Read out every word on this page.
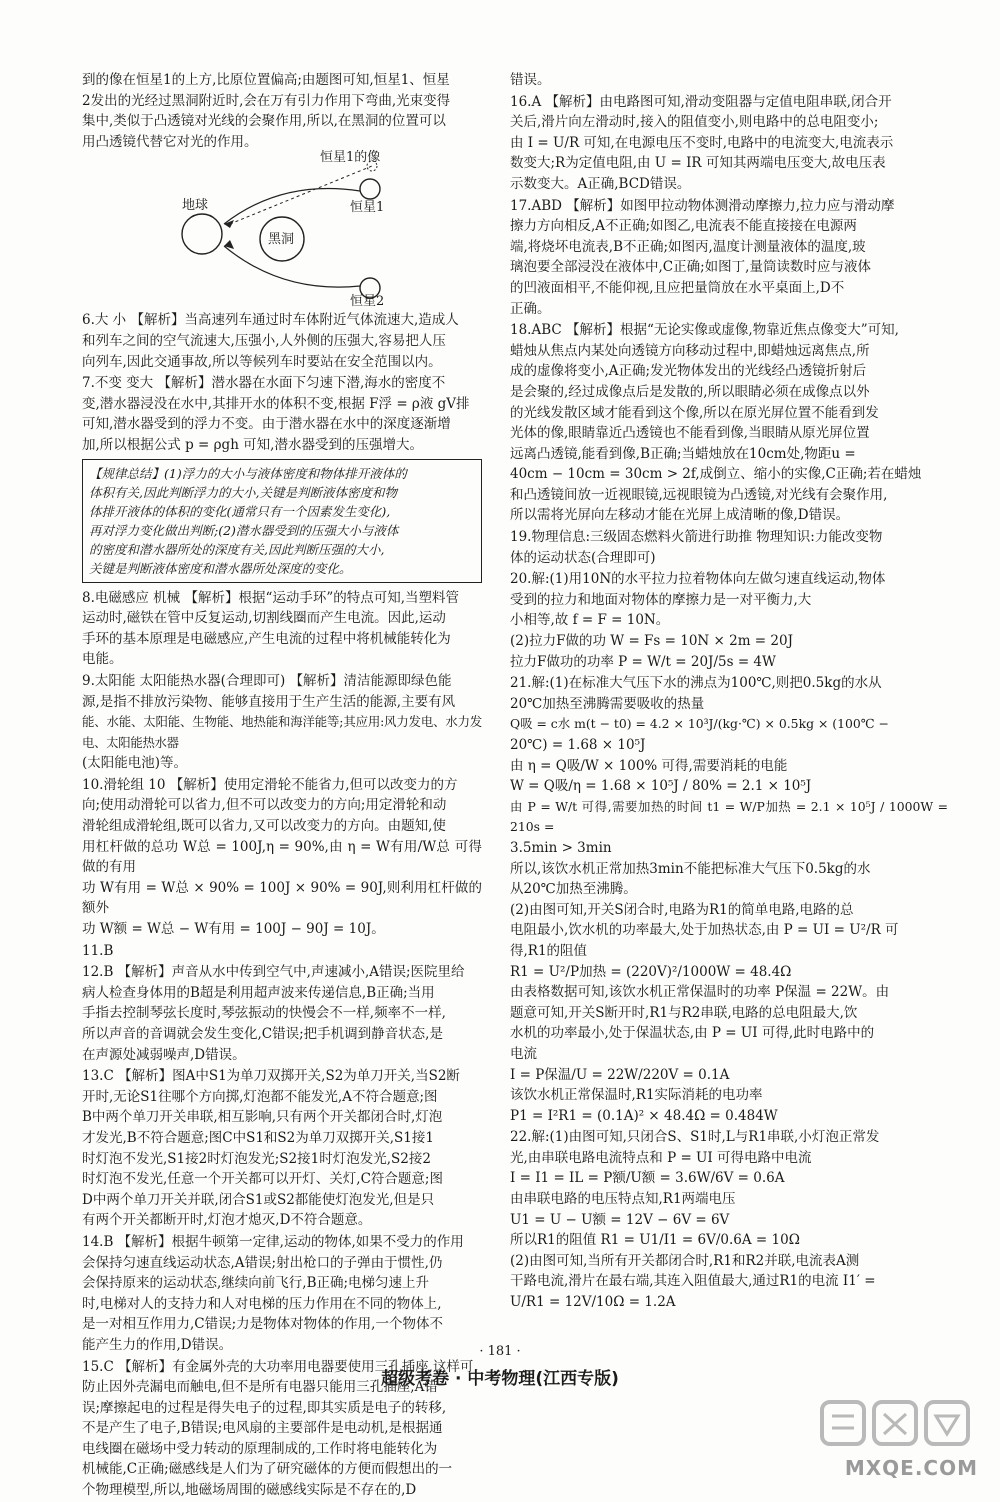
到的像在恒星1的上方,比原位置偏高;由题图可知,恒星1、恒星

2发出的光经过黑洞附近时,会在万有引力作用下弯曲,光束变得

集中,类似于凸透镜对光线的会聚作用,所以,在黑洞的位置可以

用凸透镜代替它对光的作用。

恒星1的像
恒星1
地球
黑洞
恒星2

6.大 小 【解析】当高速列车通过时车体附近气体流速大,造成人

和列车之间的空气流速大,压强小,人外侧的压强大,容易把人压

向列车,因此交通事故,所以等候列车时要站在安全范围以内。

7.不变 变大 【解析】潜水器在水面下匀速下潜,海水的密度不

变,潜水器浸没在水中,其排开水的体积不变,根据 F浮 = ρ液 gV排

可知,潜水器受到的浮力不变。由于潜水器在水中的深度逐渐增

加,所以根据公式 p = ρgh 可知,潜水器受到的压强增大。

【规律总结】(1)浮力的大小与液体密度和物体排开液体的

体积有关,因此判断浮力的大小,关键是判断液体密度和物

体排开液体的体积的变化(通常只有一个因素发生变化),

再对浮力变化做出判断;(2)潜水器受到的压强大小与液体

的密度和潜水器所处的深度有关,因此判断压强的大小,

关键是判断液体密度和潜水器所处深度的变化。

8.电磁感应 机械 【解析】根据“运动手环”的特点可知,当塑料管

运动时,磁铁在管中反复运动,切割线圈而产生电流。因此,运动

手环的基本原理是电磁感应,产生电流的过程中将机械能转化为

电能。

9.太阳能 太阳能热水器(合理即可) 【解析】清洁能源即绿色能

源,是指不排放污染物、能够直接用于生产生活的能源,主要有风

能、水能、太阳能、生物能、地热能和海洋能等;其应用:风力发电、水力发电、太阳能热水器

(太阳能电池)等。

10.滑轮组 10 【解析】使用定滑轮不能省力,但可以改变力的方

向;使用动滑轮可以省力,但不可以改变力的方向;用定滑轮和动

滑轮组成滑轮组,既可以省力,又可以改变力的方向。由题知,使

用杠杆做的总功 W总 = 100J,η = 90%,由 η = W有用/W总 可得做的有用

功 W有用 = W总 × 90% = 100J × 90% = 90J,则利用杠杆做的额外

功 W额 = W总 − W有用 = 100J − 90J = 10J。

11.B

12.B 【解析】声音从水中传到空气中,声速减小,A错误;医院里给

病人检查身体用的B超是利用超声波来传递信息,B正确;当用

手指去控制琴弦长度时,琴弦振动的快慢会不一样,频率不一样,

所以声音的音调就会发生变化,C错误;把手机调到静音状态,是

在声源处减弱噪声,D错误。

13.C 【解析】图A中S1为单刀双掷开关,S2为单刀开关,当S2断

开时,无论S1往哪个方向掷,灯泡都不能发光,A不符合题意;图

B中两个单刀开关串联,相互影响,只有两个开关都闭合时,灯泡

才发光,B不符合题意;图C中S1和S2为单刀双掷开关,S1接1

时灯泡不发光,S1接2时灯泡发光;S2接1时灯泡发光,S2接2

时灯泡不发光,任意一个开关都可以开灯、关灯,C符合题意;图

D中两个单刀开关并联,闭合S1或S2都能使灯泡发光,但是只

有两个开关都断开时,灯泡才熄灭,D不符合题意。

14.B 【解析】根据牛顿第一定律,运动的物体,如果不受力的作用

会保持匀速直线运动状态,A错误;射出枪口的子弹由于惯性,仍

会保持原来的运动状态,继续向前飞行,B正确;电梯匀速上升

时,电梯对人的支持力和人对电梯的压力作用在不同的物体上,

是一对相互作用力,C错误;力是物体对物体的作用,一个物体不

能产生力的作用,D错误。

15.C 【解析】有金属外壳的大功率用电器要使用三孔插座,这样可

防止因外壳漏电而触电,但不是所有电器只能用三孔插座,A错

误;摩擦起电的过程是得失电子的过程,即其实质是电子的转移,

不是产生了电子,B错误;电风扇的主要部件是电动机,是根据通

电线圈在磁场中受力转动的原理制成的,工作时将电能转化为

机械能,C正确;磁感线是人们为了研究磁体的方便而假想出的一

个物理模型,所以,地磁场周围的磁感线实际是不存在的,D

错误。

16.A 【解析】由电路图可知,滑动变阻器与定值电阻串联,闭合开

关后,滑片向左滑动时,接入的阻值变小,则电路中的总电阻变小;

由 I = U/R 可知,在电源电压不变时,电路中的电流变大,电流表示

数变大;R为定值电阻,由 U = IR 可知其两端电压变大,故电压表

示数变大。A正确,BCD错误。

17.ABD 【解析】如图甲拉动物体测滑动摩擦力,拉力应与滑动摩

擦力方向相反,A不正确;如图乙,电流表不能直接接在电源两

端,将烧坏电流表,B不正确;如图丙,温度计测量液体的温度,玻

璃泡要全部浸没在液体中,C正确;如图丁,量筒读数时应与液体

的凹液面相平,不能仰视,且应把量筒放在水平桌面上,D不

正确。

18.ABC 【解析】根据“无论实像或虚像,物靠近焦点像变大”可知,

蜡烛从焦点内某处向透镜方向移动过程中,即蜡烛远离焦点,所

成的虚像将变小,A正确;发光物体发出的光线经凸透镜折射后

是会聚的,经过成像点后是发散的,所以眼睛必须在成像点以外

的光线发散区域才能看到这个像,所以在原光屏位置不能看到发

光体的像,眼睛靠近凸透镜也不能看到像,当眼睛从原光屏位置

远离凸透镜,能看到像,B正确;当蜡烛放在10cm处,物距u =

40cm − 10cm = 30cm > 2f,成倒立、缩小的实像,C正确;若在蜡烛

和凸透镜间放一近视眼镜,远视眼镜为凸透镜,对光线有会聚作用,

所以需将光屏向左移动才能在光屏上成清晰的像,D错误。

19.物理信息:三级固态燃料火箭进行助推 物理知识:力能改变物

体的运动状态(合理即可)

20.解:(1)用10N的水平拉力拉着物体向左做匀速直线运动,物体

受到的拉力和地面对物体的摩擦力是一对平衡力,大

小相等,故 f = F = 10N。

(2)拉力F做的功 W = Fs = 10N × 2m = 20J

拉力F做功的功率 P = W/t = 20J/5s = 4W

21.解:(1)在标准大气压下水的沸点为100℃,则把0.5kg的水从

20℃加热至沸腾需要吸收的热量

Q吸 = c水 m(t − t0) = 4.2 × 10³J/(kg·℃) × 0.5kg × (100℃ −

20℃) = 1.68 × 10⁵J

由 η = Q吸/W × 100% 可得,需要消耗的电能

W = Q吸/η = 1.68 × 10⁵J / 80% = 2.1 × 10⁵J

由 P = W/t 可得,需要加热的时间 t1 = W/P加热 = 2.1 × 10⁵J / 1000W = 210s =

3.5min > 3min

所以,该饮水机正常加热3min不能把标准大气压下0.5kg的水

从20℃加热至沸腾。

(2)由图可知,开关S闭合时,电路为R1的简单电路,电路的总

电阻最小,饮水机的功率最大,处于加热状态,由 P = UI = U²/R 可

得,R1的阻值

R1 = U²/P加热 = (220V)²/1000W = 48.4Ω

由表格数据可知,该饮水机正常保温时的功率 P保温 = 22W。由

题意可知,开关S断开时,R1与R2串联,电路的总电阻最大,饮

水机的功率最小,处于保温状态,由 P = UI 可得,此时电路中的

电流

I = P保温/U = 22W/220V = 0.1A

该饮水机正常保温时,R1实际消耗的电功率

P1 = I²R1 = (0.1A)² × 48.4Ω = 0.484W

22.解:(1)由图可知,只闭合S、S1时,L与R1串联,小灯泡正常发

光,由串联电路电流特点和 P = UI 可得电路中电流

I = I1 = IL = P额/U额 = 3.6W/6V = 0.6A

由串联电路的电压特点知,R1两端电压

U1 = U − U额 = 12V − 6V = 6V

所以R1的阻值 R1 = U1/I1 = 6V/0.6A = 10Ω

(2)由图可知,当所有开关都闭合时,R1和R2并联,电流表A测

干路电流,滑片在最右端,其连入阻值最大,通过R1的电流 I1′ =

U/R1 = 12V/10Ω = 1.2A

· 181 ·
超级考卷 · 中考物理(江西专版)
MXQE.COM
